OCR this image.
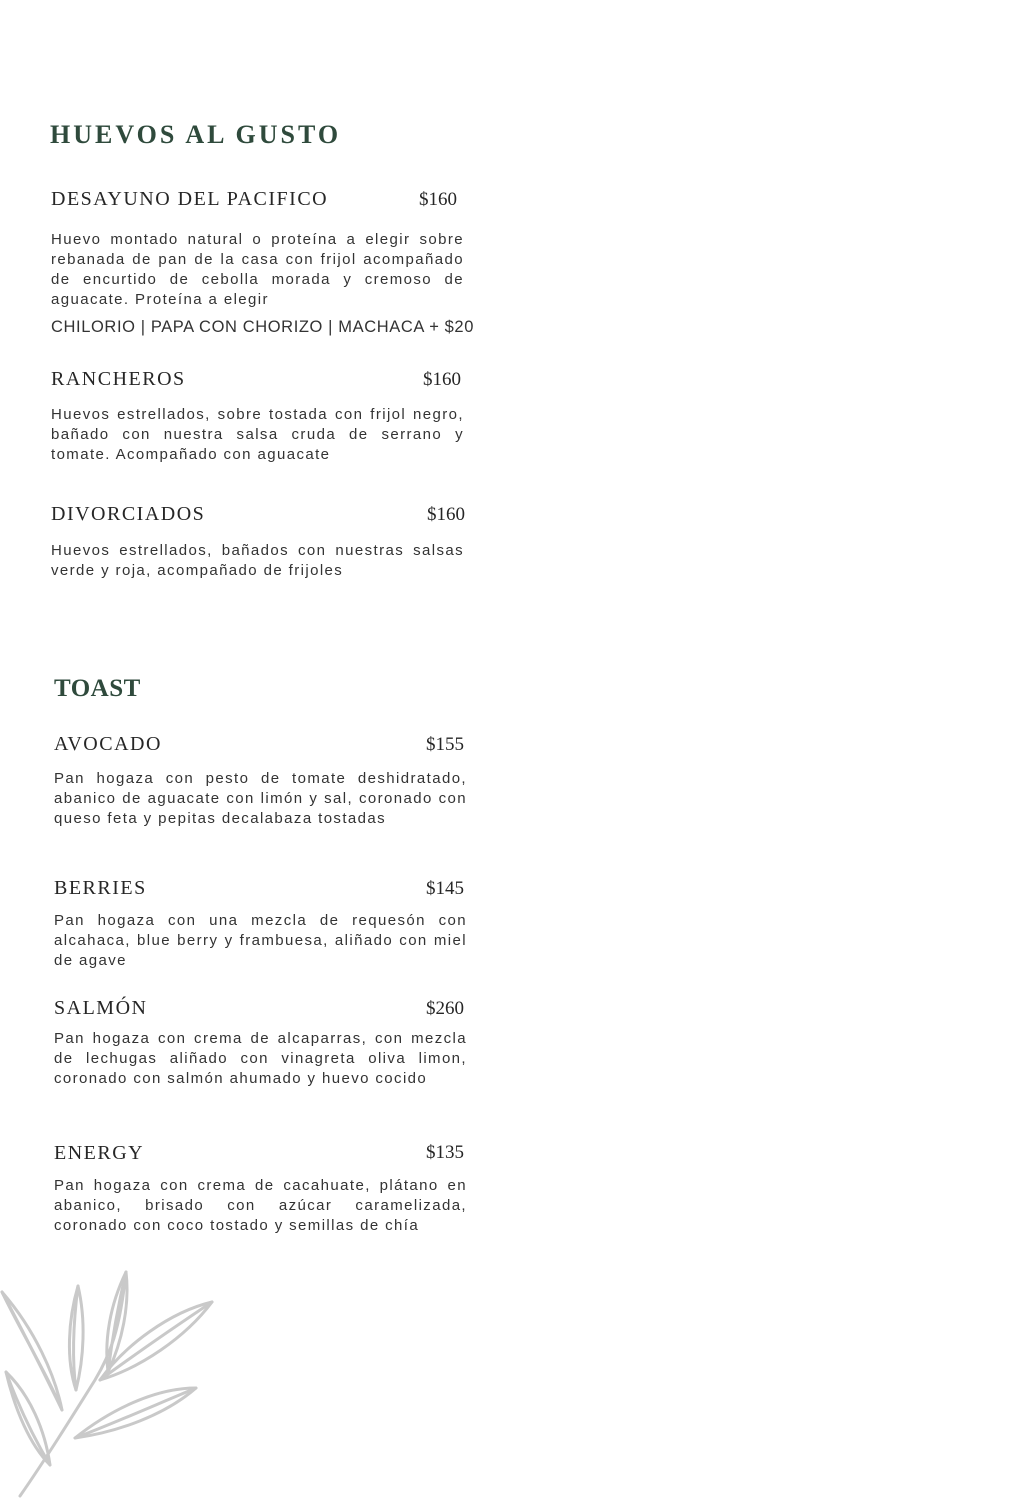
HUEVOS AL GUSTO
DESAYUNO DEL PACIFICO	$160

Huevo montado natural o proteína a elegir sobre rebanada de pan de la casa con frijol acompañado de encurtido de cebolla morada y cremoso de aguacate. Proteína a elegir

CHILORIO | PAPA CON CHORIZO | MACHACA + $20
RANCHEROS	$160

Huevos estrellados, sobre tostada con frijol negro, bañado con nuestra salsa cruda de serrano y tomate. Acompañado con aguacate

DIVORCIADOS	$160

Huevos estrellados, bañados con nuestras salsas verde y roja, acompañado de frijoles

TOAST
AVOCADO	$155

Pan hogaza con pesto de tomate deshidratado, abanico de aguacate con limón y sal, coronado con queso feta y pepitas decalabaza tostadas

BERRIES	$145

Pan hogaza con una mezcla de requesón con alcahaca, blue berry y frambuesa, aliñado con miel de agave

SALMÓN	$260

Pan hogaza con crema de alcaparras, con mezcla de lechugas aliñado con vinagreta oliva limon, coronado con salmón ahumado y huevo cocido

ENERGY	$135

Pan hogaza con crema de cacahuate, plátano en abanico, brisado con azúcar caramelizada, coronado con coco tostado y semillas de chía
